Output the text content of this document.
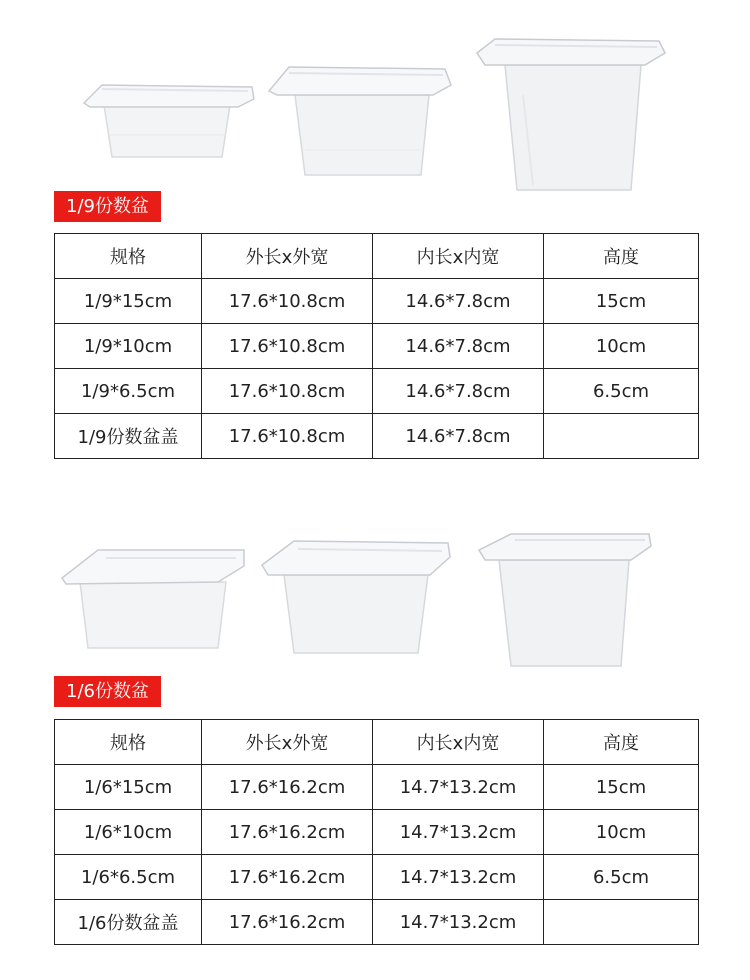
1/9份数盆
规格	外长x外宽	内长x内宽	高度
1/9*15cm	17.6*10.8cm	14.6*7.8cm	15cm
1/9*10cm	17.6*10.8cm	14.6*7.8cm	10cm
1/9*6.5cm	17.6*10.8cm	14.6*7.8cm	6.5cm
1/9份数盆盖	17.6*10.8cm	14.6*7.8cm	
1/6份数盆
规格	外长x外宽	内长x内宽	高度
1/6*15cm	17.6*16.2cm	14.7*13.2cm	15cm
1/6*10cm	17.6*16.2cm	14.7*13.2cm	10cm
1/6*6.5cm	17.6*16.2cm	14.7*13.2cm	6.5cm
1/6份数盆盖	17.6*16.2cm	14.7*13.2cm	
